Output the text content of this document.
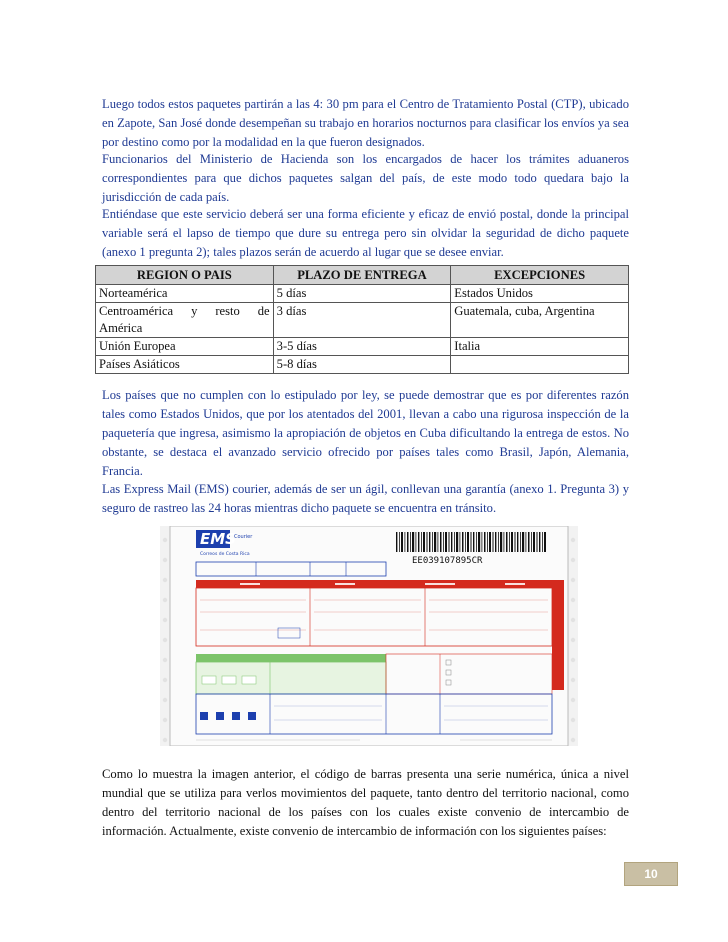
Luego todos estos paquetes partirán a las 4: 30 pm para el Centro de Tratamiento Postal (CTP), ubicado en Zapote, San José donde desempeñan su trabajo en horarios nocturnos para clasificar los envíos ya sea por destino como por la modalidad en la que fueron designados.

Funcionarios del Ministerio de Hacienda son los encargados de hacer los trámites aduaneros correspondientes para que dichos paquetes salgan del país, de este modo todo quedara bajo la jurisdicción de cada país.

Entiéndase que este servicio deberá ser una forma eficiente y eficaz de envió postal, donde la principal variable será el lapso de tiempo que dure su entrega pero sin olvidar la seguridad de dicho paquete (anexo 1 pregunta 2); tales plazos serán de acuerdo al lugar que se desee enviar.

REGION O PAIS	PLAZO DE ENTREGA	EXCEPCIONES
Norteamérica	5 días	Estados Unidos
Centroamérica y resto de América	3 días	Guatemala, cuba, Argentina
Unión Europea	3-5 días	Italia
Países Asiáticos	5-8 días	

Los países que no cumplen con lo estipulado por ley, se puede demostrar que es por diferentes razón tales como Estados Unidos, que por los atentados del 2001, llevan a cabo una rigurosa inspección de la paquetería que ingresa, asimismo la apropiación de objetos en Cuba dificultando la entrega de estos. No obstante, se destaca el avanzado servicio ofrecido por países tales como Brasil, Japón, Alemania, Francia.

Las Express Mail (EMS) courier, además de ser un ágil, conllevan una garantía (anexo 1. Pregunta 3) y seguro de rastreo las 24 horas mientras dicho paquete se encuentra en tránsito.

EMS
Courier
Correos de Costa Rica
EE039107895CR

Como lo muestra la imagen anterior, el código de barras presenta una serie numérica, única a nivel mundial que se utiliza para verlos movimientos del paquete, tanto dentro del territorio nacional, como dentro del territorio nacional de los países con los cuales existe convenio de intercambio de información. Actualmente, existe convenio de intercambio de información con los siguientes países:

10
